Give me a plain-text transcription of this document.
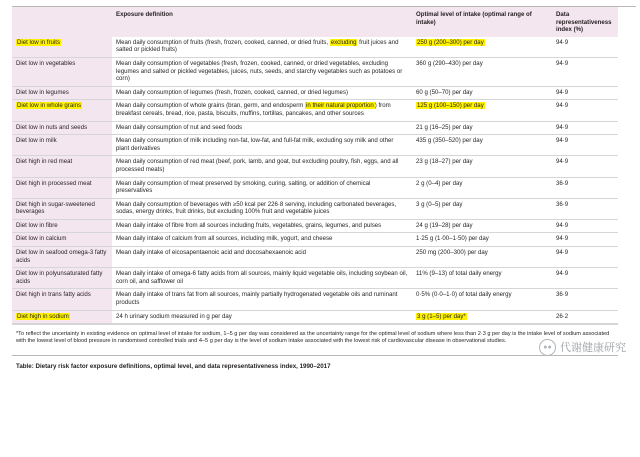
	Exposure definition	Optimal level of intake (optimal range of intake)	Data representativeness index (%)
Diet low in fruits	Mean daily consumption of fruits (fresh, frozen, cooked, canned, or dried fruits, excluding fruit juices and salted or pickled fruits)	250 g (200–300) per day	94·9
Diet low in vegetables	Mean daily consumption of vegetables (fresh, frozen, cooked, canned, or dried vegetables, excluding legumes and salted or pickled vegetables, juices, nuts, seeds, and starchy vegetables such as potatoes or corn)	360 g (290–430) per day	94·9
Diet low in legumes	Mean daily consumption of legumes (fresh, frozen, cooked, canned, or dried legumes)	60 g (50–70) per day	94·9
Diet low in whole grains	Mean daily consumption of whole grains (bran, germ, and endosperm in their natural proportion) from breakfast cereals, bread, rice, pasta, biscuits, muffins, tortillas, pancakes, and other sources	125 g (100–150) per day	94·9
Diet low in nuts and seeds	Mean daily consumption of nut and seed foods	21 g (16–25) per day	94·9
Diet low in milk	Mean daily consumption of milk including non-fat, low-fat, and full-fat milk, excluding soy milk and other plant derivatives	435 g (350–520) per day	94·9
Diet high in red meat	Mean daily consumption of red meat (beef, pork, lamb, and goat, but excluding poultry, fish, eggs, and all processed meats)	23 g (18–27) per day	94·9
Diet high in processed meat	Mean daily consumption of meat preserved by smoking, curing, salting, or addition of chemical preservatives	2 g (0–4) per day	36·9
Diet high in sugar-sweetened beverages	Mean daily consumption of beverages with ≥50 kcal per 226·8 serving, including carbonated beverages, sodas, energy drinks, fruit drinks, but excluding 100% fruit and vegetable juices	3 g (0–5) per day	36·9
Diet low in fibre	Mean daily intake of fibre from all sources including fruits, vegetables, grains, legumes, and pulses	24 g (19–28) per day	94·9
Diet low in calcium	Mean daily intake of calcium from all sources, including milk, yogurt, and cheese	1·25 g (1·00–1·50) per day	94·9
Diet low in seafood omega-3 fatty acids	Mean daily intake of eicosapentaenoic acid and docosahexaenoic acid	250 mg (200–300) per day	94·9
Diet low in polyunsaturated fatty acids	Mean daily intake of omega-6 fatty acids from all sources, mainly liquid vegetable oils, including soybean oil, corn oil, and safflower oil	11% (9–13) of total daily energy	94·9
Diet high in trans fatty acids	Mean daily intake of trans fat from all sources, mainly partially hydrogenated vegetable oils and ruminant products	0·5% (0·0–1·0) of total daily energy	36·9
Diet high in sodium	24 h urinary sodium measured in g per day	3 g (1–5) per day*	26·2
*To reflect the uncertainty in existing evidence on optimal level of intake for sodium, 1–5 g per day was considered as the uncertainty range for the optimal level of sodium where less than 2·3 g per day is the intake level of sodium associated with the lowest level of blood pressure in randomised controlled trials and 4–5 g per day is the level of sodium intake associated with the lowest risk of cardiovascular disease in observational studies.
Table: Dietary risk factor exposure definitions, optimal level, and data representativeness index, 1990–2017
●● 代谢健康研究
